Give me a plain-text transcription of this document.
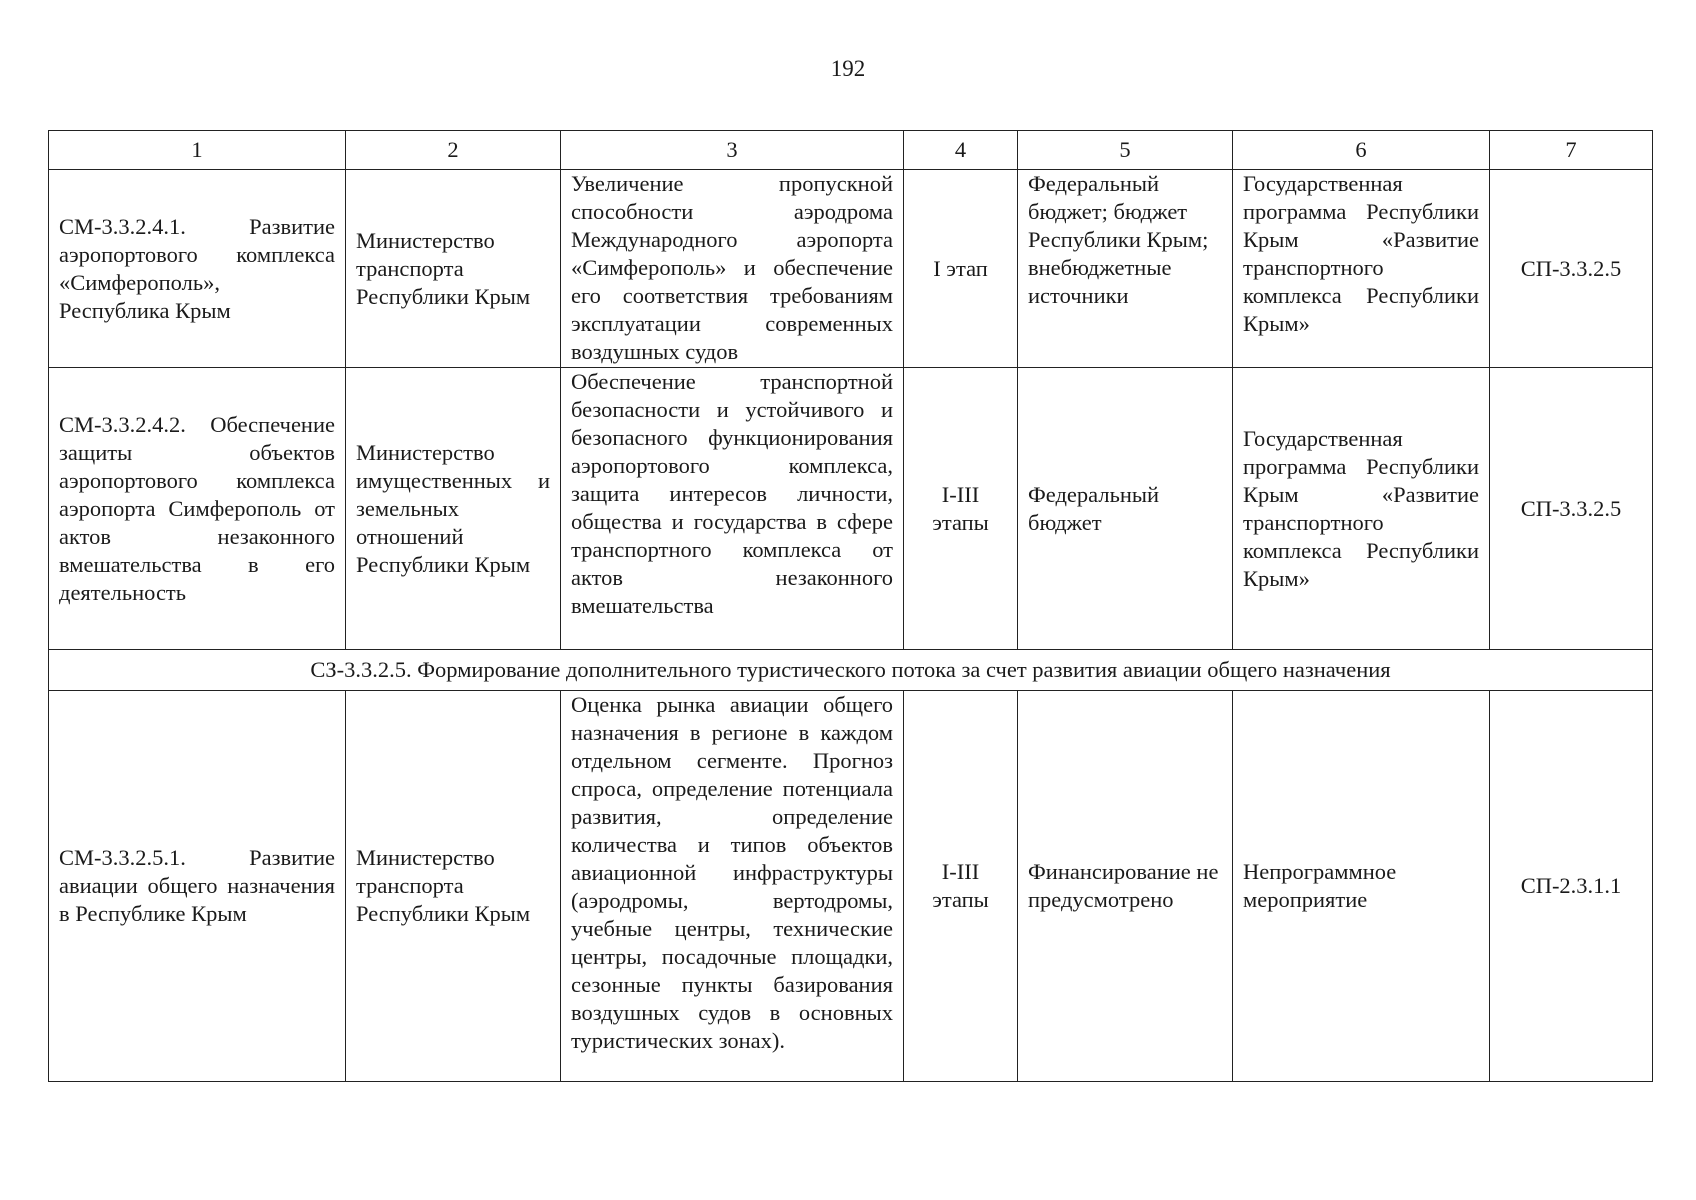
192
1	2	3	4	5	6	7
СМ-3.3.2.4.1. Развитие аэропортового комплекса «Симферополь», Республика Крым	Министерство транспорта Республики Крым	Увеличение пропускной способности аэродрома Международного аэропорта «Симферополь» и обеспечение его соответствия требованиям эксплуатации современных воздушных судов	I этап	Федеральный бюджет; бюджет Республики Крым; внебюджетные источники	Государственная программа Республики Крым «Развитие транспортного комплекса Республики Крым»	СП-3.3.2.5
СМ-3.3.2.4.2. Обеспечение защиты объектов аэропортового комплекса аэропорта Симферополь от актов незаконного вмешательства в его деятельность	Министерство имущественных и земельных отношений Республики Крым	Обеспечение транспортной безопасности и устойчивого и безопасного функционирования аэропортового комплекса, защита интересов личности, общества и государства в сфере транспортного комплекса от актов незаконного вмешательства	I-III этапы	Федеральный бюджет	Государственная программа Республики Крым «Развитие транспортного комплекса Республики Крым»	СП-3.3.2.5
СЗ-3.3.2.5. Формирование дополнительного туристического потока за счет развития авиации общего назначения						
СМ-3.3.2.5.1. Развитие авиации общего назначения в Республике Крым	Министерство транспорта Республики Крым	Оценка рынка авиации общего назначения в регионе в каждом отдельном сегменте. Прогноз спроса, определение потенциала развития, определение количества и типов объектов авиационной инфраструктуры (аэродромы, вертодромы, учебные центры, технические центры, посадочные площадки, сезонные пункты базирования воздушных судов в основных туристических зонах).	I-III этапы	Финансирование не предусмотрено	Непрограммное мероприятие	СП-2.3.1.1
